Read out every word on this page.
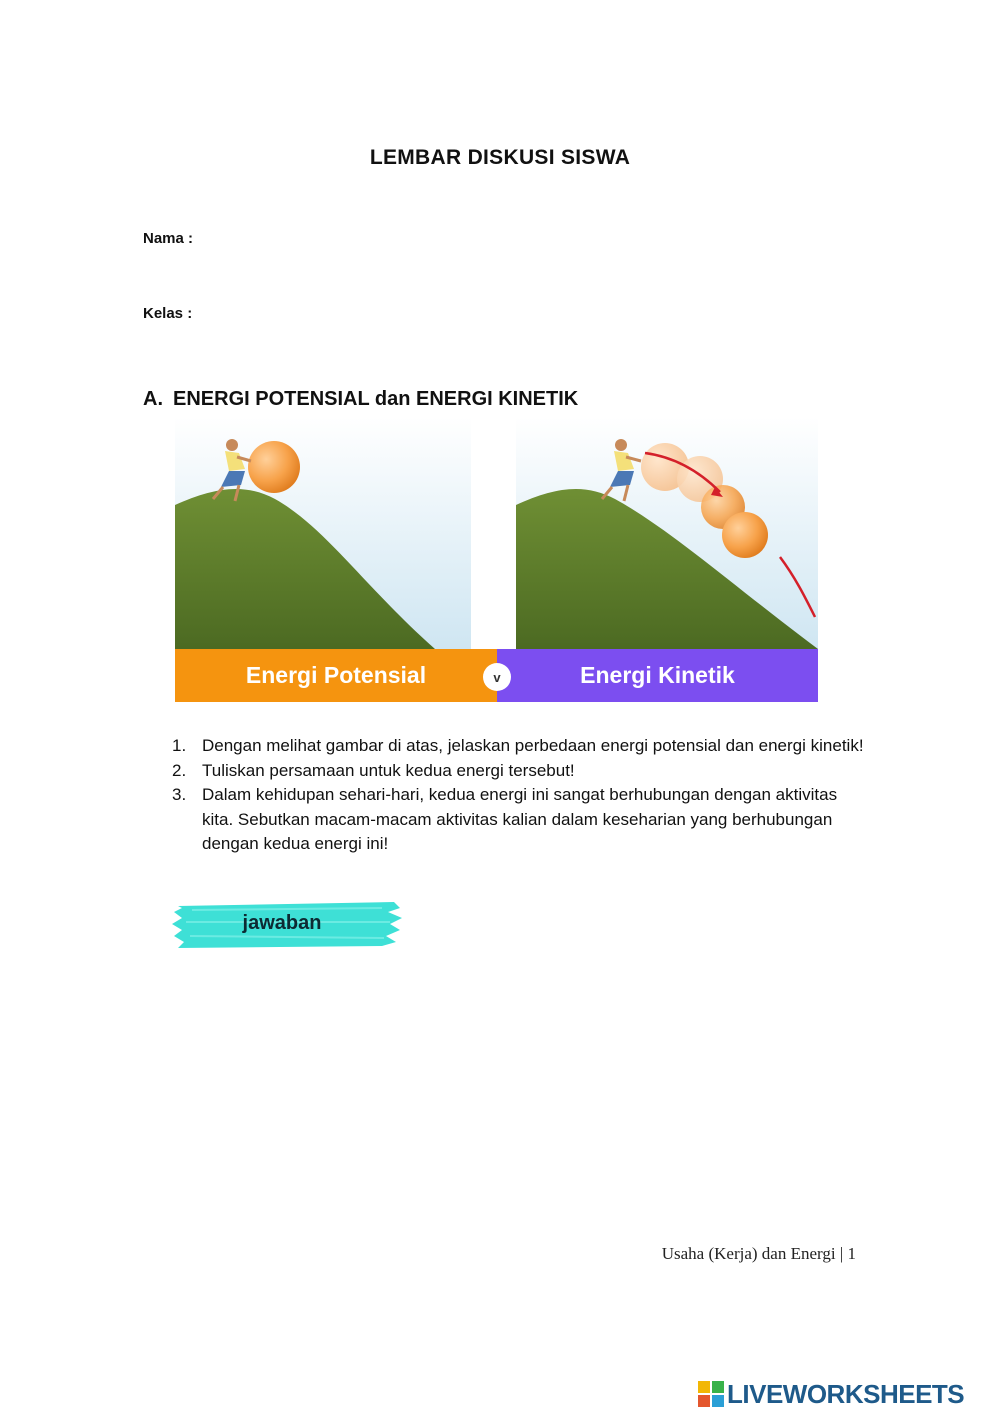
LEMBAR DISKUSI SISWA
Nama :
Kelas :
A. ENERGI POTENSIAL dan ENERGI KINETIK
Energi Potensial	Energi Kinetik
v
1. Dengan melihat gambar di atas, jelaskan perbedaan energi potensial dan energi kinetik!
2. Tuliskan persamaan untuk kedua energi tersebut!
3. Dalam kehidupan sehari-hari, kedua energi ini sangat berhubungan dengan aktivitas kita. Sebutkan macam-macam aktivitas kalian dalam keseharian yang berhubungan dengan kedua energi ini!
jawaban
Usaha (Kerja) dan Energi | 1
LIVEWORKSHEETS
